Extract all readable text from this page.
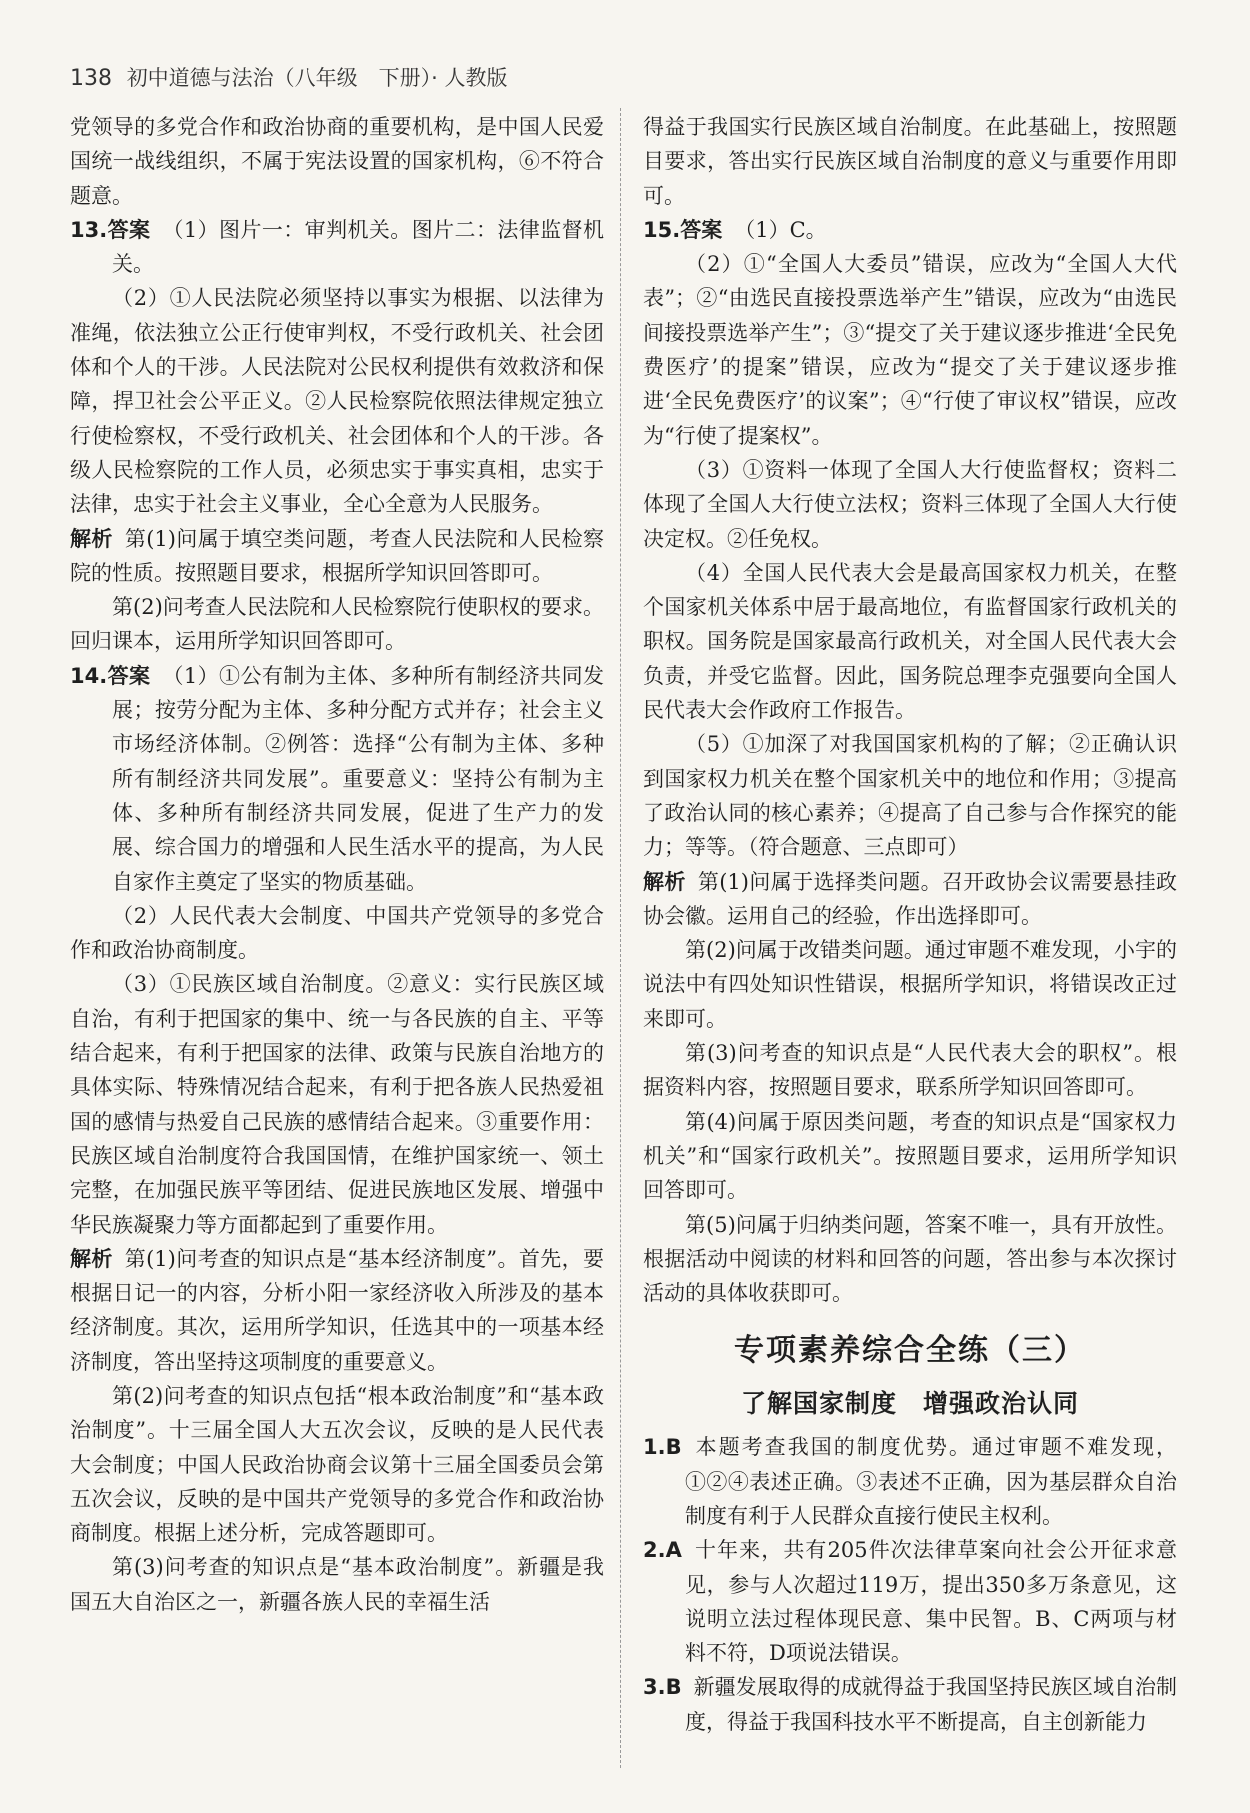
138 初中道德与法治（八年级　下册）· 人教版

党领导的多党合作和政治协商的重要机构，是中国人民爱国统一战线组织，不属于宪法设置的国家机构，⑥不符合题意。

13.答案 （1）图片一：审判机关。图片二：法律监督机关。

（2）①人民法院必须坚持以事实为根据、以法律为准绳，依法独立公正行使审判权，不受行政机关、社会团体和个人的干涉。人民法院对公民权利提供有效救济和保障，捍卫社会公平正义。②人民检察院依照法律规定独立行使检察权，不受行政机关、社会团体和个人的干涉。各级人民检察院的工作人员，必须忠实于事实真相，忠实于法律，忠实于社会主义事业，全心全意为人民服务。

解析 第(1)问属于填空类问题，考查人民法院和人民检察院的性质。按照题目要求，根据所学知识回答即可。

第(2)问考查人民法院和人民检察院行使职权的要求。回归课本，运用所学知识回答即可。

14.答案 （1）①公有制为主体、多种所有制经济共同发展；按劳分配为主体、多种分配方式并存；社会主义市场经济体制。②例答：选择“公有制为主体、多种所有制经济共同发展”。重要意义：坚持公有制为主体、多种所有制经济共同发展，促进了生产力的发展、综合国力的增强和人民生活水平的提高，为人民自家作主奠定了坚实的物质基础。

（2）人民代表大会制度、中国共产党领导的多党合作和政治协商制度。

（3）①民族区域自治制度。②意义：实行民族区域自治，有利于把国家的集中、统一与各民族的自主、平等结合起来，有利于把国家的法律、政策与民族自治地方的具体实际、特殊情况结合起来，有利于把各族人民热爱祖国的感情与热爱自己民族的感情结合起来。③重要作用：民族区域自治制度符合我国国情，在维护国家统一、领土完整，在加强民族平等团结、促进民族地区发展、增强中华民族凝聚力等方面都起到了重要作用。

解析 第(1)问考查的知识点是“基本经济制度”。首先，要根据日记一的内容，分析小阳一家经济收入所涉及的基本经济制度。其次，运用所学知识，任选其中的一项基本经济制度，答出坚持这项制度的重要意义。

第(2)问考查的知识点包括“根本政治制度”和“基本政治制度”。十三届全国人大五次会议，反映的是人民代表大会制度；中国人民政治协商会议第十三届全国委员会第五次会议，反映的是中国共产党领导的多党合作和政治协商制度。根据上述分析，完成答题即可。

第(3)问考查的知识点是“基本政治制度”。新疆是我国五大自治区之一，新疆各族人民的幸福生活

得益于我国实行民族区域自治制度。在此基础上，按照题目要求，答出实行民族区域自治制度的意义与重要作用即可。

15.答案 （1）C。

（2）①“全国人大委员”错误，应改为“全国人大代表”；②“由选民直接投票选举产生”错误，应改为“由选民间接投票选举产生”；③“提交了关于建议逐步推进‘全民免费医疗’的提案”错误，应改为“提交了关于建议逐步推进‘全民免费医疗’的议案”；④“行使了审议权”错误，应改为“行使了提案权”。

（3）①资料一体现了全国人大行使监督权；资料二体现了全国人大行使立法权；资料三体现了全国人大行使决定权。②任免权。

（4）全国人民代表大会是最高国家权力机关，在整个国家机关体系中居于最高地位，有监督国家行政机关的职权。国务院是国家最高行政机关，对全国人民代表大会负责，并受它监督。因此，国务院总理李克强要向全国人民代表大会作政府工作报告。

（5）①加深了对我国国家机构的了解；②正确认识到国家权力机关在整个国家机关中的地位和作用；③提高了政治认同的核心素养；④提高了自己参与合作探究的能力；等等。（符合题意、三点即可）

解析 第(1)问属于选择类问题。召开政协会议需要悬挂政协会徽。运用自己的经验，作出选择即可。

第(2)问属于改错类问题。通过审题不难发现，小宇的说法中有四处知识性错误，根据所学知识，将错误改正过来即可。

第(3)问考查的知识点是“人民代表大会的职权”。根据资料内容，按照题目要求，联系所学知识回答即可。

第(4)问属于原因类问题，考查的知识点是“国家权力机关”和“国家行政机关”。按照题目要求，运用所学知识回答即可。

第(5)问属于归纳类问题，答案不唯一，具有开放性。根据活动中阅读的材料和回答的问题，答出参与本次探讨活动的具体收获即可。

专项素养综合全练（三）
了解国家制度　增强政治认同

1.B 本题考查我国的制度优势。通过审题不难发现，①②④表述正确。③表述不正确，因为基层群众自治制度有利于人民群众直接行使民主权利。

2.A 十年来，共有205件次法律草案向社会公开征求意见，参与人次超过119万，提出350多万条意见，这说明立法过程体现民意、集中民智。B、C两项与材料不符，D项说法错误。

3.B 新疆发展取得的成就得益于我国坚持民族区域自治制度，得益于我国科技水平不断提高，自主创新能力
